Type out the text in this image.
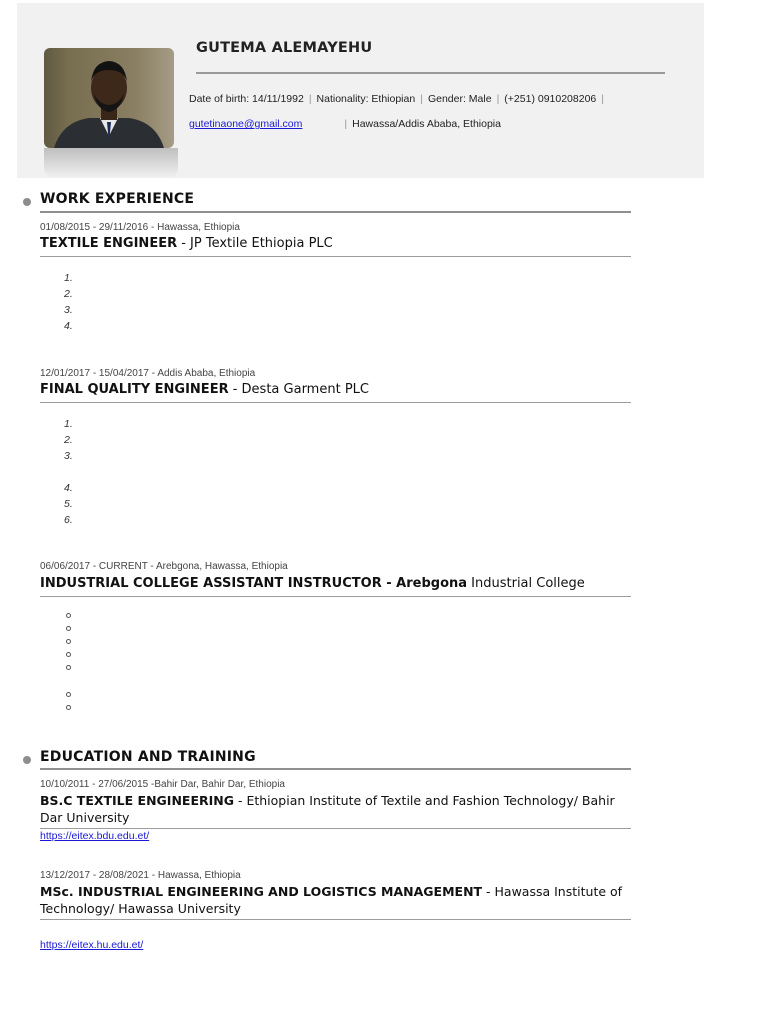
GUTEMA ALEMAYEHU
Date of birth: 14/11/1992 | Nationality: Ethiopian | Gender: Male | (+251) 0910208206 |
gutetinaone@gmail.com	| Hawassa/Addis Ababa, Ethiopia
WORK EXPERIENCE
01/08/2015 - 29/11/2016 - Hawassa, Ethiopia
TEXTILE ENGINEER - JP Textile Ethiopia PLC
1.
2.
3.
4.
12/01/2017 - 15/04/2017 - Addis Ababa, Ethiopia
FINAL QUALITY ENGINEER - Desta Garment PLC
1.
2.
3.
4.
5.
6.
06/06/2017 - CURRENT - Arebgona, Hawassa, Ethiopia
INDUSTRIAL COLLEGE ASSISTANT INSTRUCTOR - Arebgona Industrial College
EDUCATION AND TRAINING
10/10/2011 - 27/06/2015 -Bahir Dar, Bahir Dar, Ethiopia
BS.C TEXTILE ENGINEERING - Ethiopian Institute of Textile and Fashion Technology/ Bahir Dar University
https://eitex.bdu.edu.et/
13/12/2017 - 28/08/2021 - Hawassa, Ethiopia
MSc. INDUSTRIAL ENGINEERING AND LOGISTICS MANAGEMENT - Hawassa Institute of Technology/ Hawassa University
https://eitex.hu.edu.et/
